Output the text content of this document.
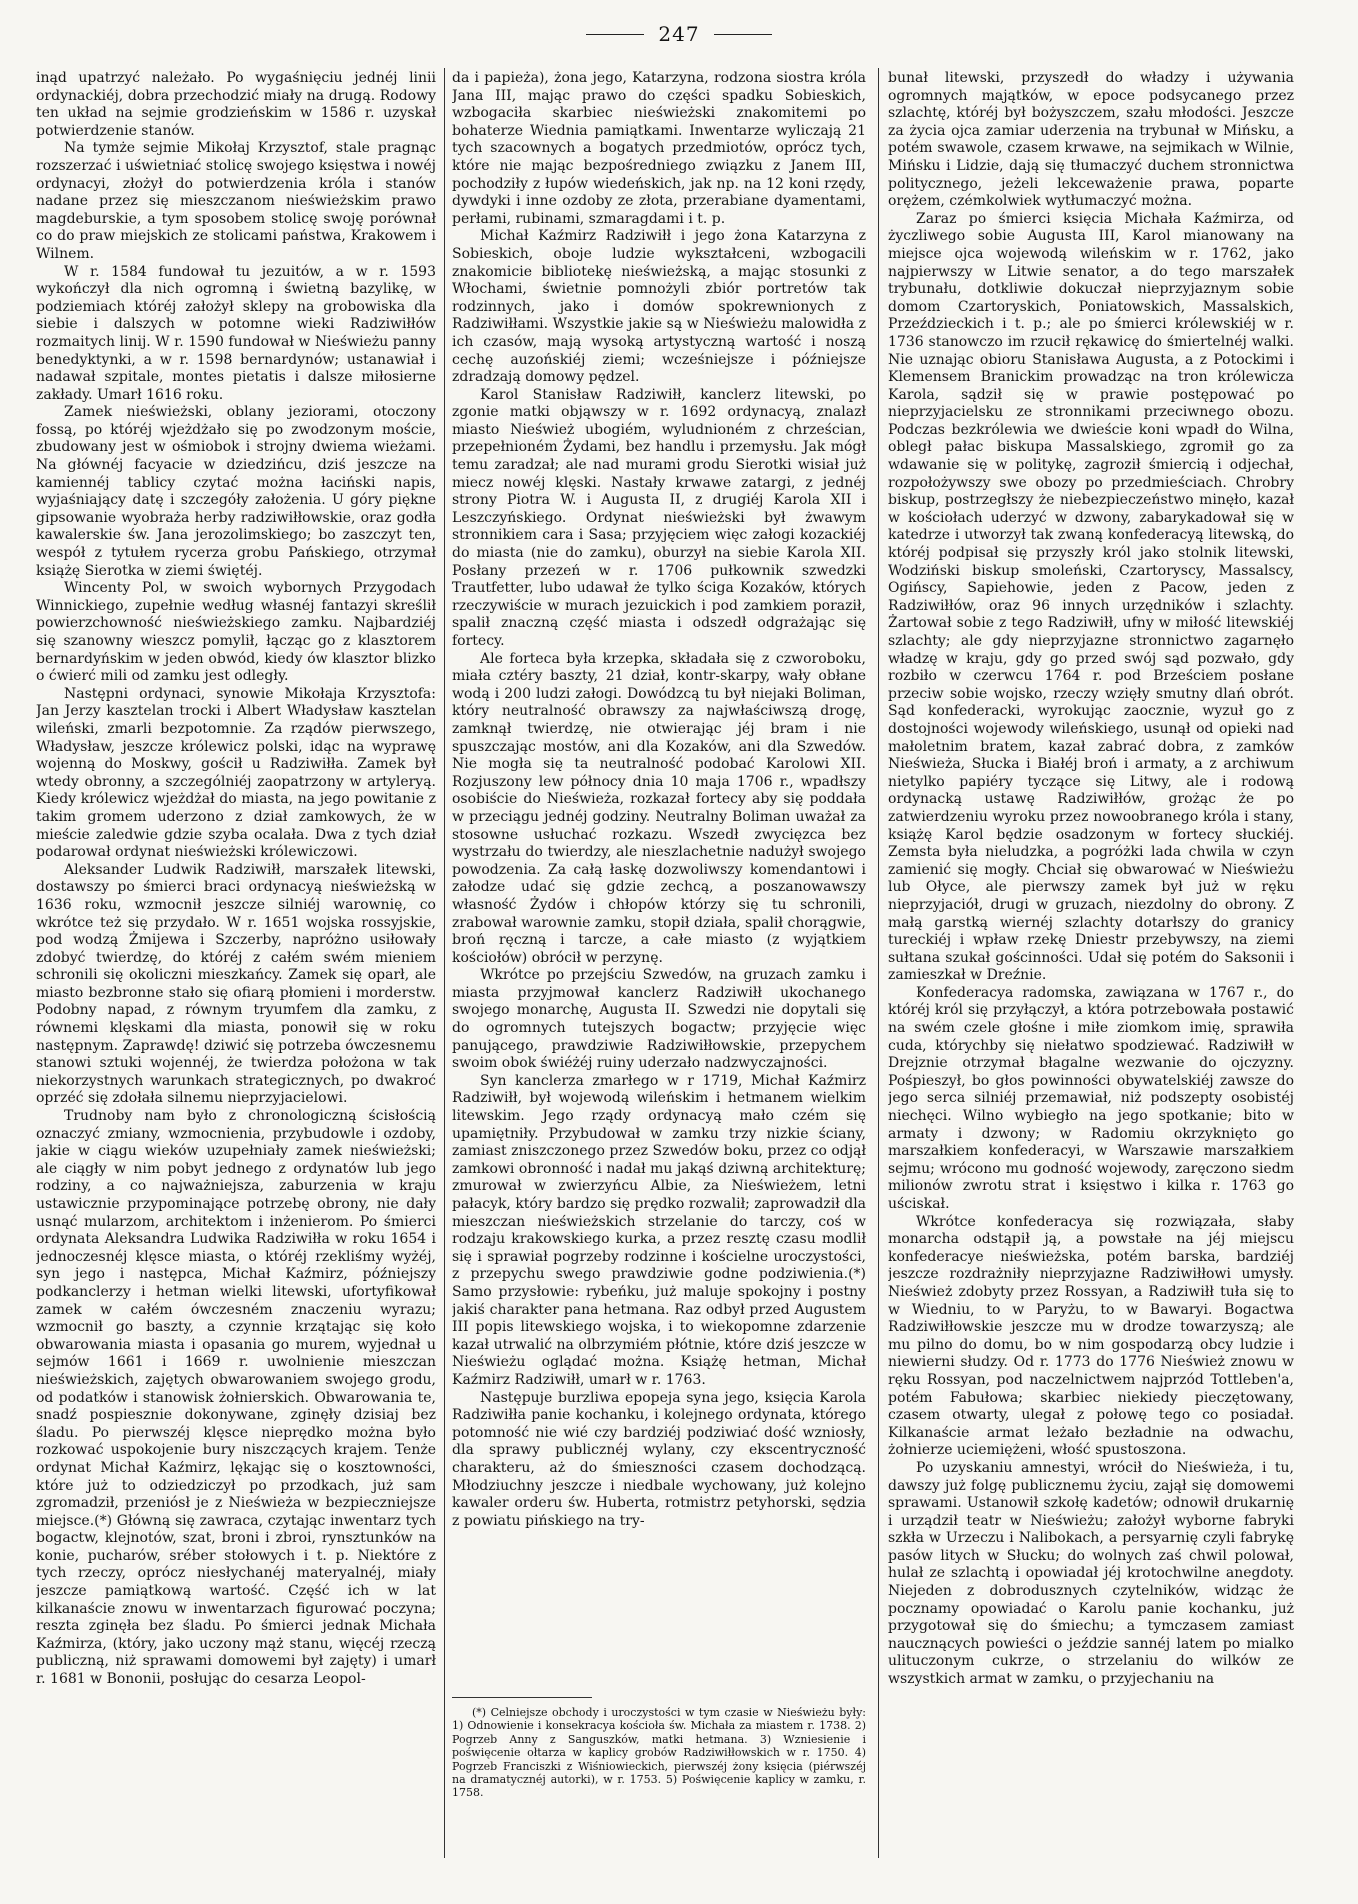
247

inąd upatrzyć należało. Po wygaśnięciu jednéj linii ordynackiéj, dobra przechodzić miały na drugą. Rodowy ten układ na sejmie grodzieńskim w 1586 r. uzyskał potwierdzenie stanów.

Na tymże sejmie Mikołaj Krzysztof, stale pragnąc rozszerzać i uświetniać stolicę swojego księstwa i nowéj ordynacyi, złożył do potwierdzenia króla i stanów nadane przez się mieszczanom nieświeżskim prawo magdeburskie, a tym sposobem stolicę swoję porównał co do praw miejskich ze stolicami państwa, Krakowem i Wilnem.

W r. 1584 fundował tu jezuitów, a w r. 1593 wykończył dla nich ogromną i świetną bazylikę, w podziemiach któréj założył sklepy na grobowiska dla siebie i dalszych w potomne wieki Radziwiłłów rozmaitych linij. W r. 1590 fundował w Nieświeżu panny benedyktynki, a w r. 1598 bernardynów; ustanawiał i nadawał szpitale, montes pietatis i dalsze miłosierne zakłady. Umarł 1616 roku.

Zamek nieświeżski, oblany jeziorami, otoczony fossą, po któréj wjeżdżało się po zwodzonym moście, zbudowany jest w ośmiobok i strojny dwiema wieżami. Na głównéj facyacie w dziedzińcu, dziś jeszcze na kamiennéj tablicy czytać można łaciński napis, wyjaśniający datę i szczegóły założenia. U góry piękne gipsowanie wyobraża herby radziwiłłowskie, oraz godła kawalerskie św. Jana jerozolimskiego; bo zaszczyt ten, wespół z tytułem rycerza grobu Pańskiego, otrzymał książę Sierotka w ziemi świętéj.

Wincenty Pol, w swoich wybornych Przygodach Winnickiego, zupełnie według własnéj fantazyi skreślił powierzchowność nieświeżskiego zamku. Najbardziéj się szanowny wieszcz pomylił, łącząc go z klasztorem bernardyńskim w jeden obwód, kiedy ów klasztor blizko o ćwierć mili od zamku jest odległy.

Następni ordynaci, synowie Mikołaja Krzysztofa: Jan Jerzy kasztelan trocki i Albert Władysław kasztelan wileński, zmarli bezpotomnie. Za rządów pierwszego, Władysław, jeszcze królewicz polski, idąc na wyprawę wojenną do Moskwy, gościł u Radziwiłła. Zamek był wtedy obronny, a szczególniéj zaopatrzony w artyleryą. Kiedy królewicz wjeżdżał do miasta, na jego powitanie z takim gromem uderzono z dział zamkowych, że w mieście zaledwie gdzie szyba ocalała. Dwa z tych dział podarował ordynat nieświeżski królewiczowi.

Aleksander Ludwik Radziwiłł, marszałek litewski, dostawszy po śmierci braci ordynacyą nieświeżską w 1636 roku, wzmocnił jeszcze silniéj warownię, co wkrótce też się przydało. W r. 1651 wojska rossyjskie, pod wodzą Żmijewa i Szczerby, napróżno usiłowały zdobyć twierdzę, do któréj z całém swém mieniem schronili się okoliczni mieszkańcy. Zamek się oparł, ale miasto bezbronne stało się ofiarą płomieni i morderstw. Podobny napad, z równym tryumfem dla zamku, z równemi klęskami dla miasta, ponowił się w roku następnym. Zaprawdę! dziwić się potrzeba ówczesnemu stanowi sztuki wojennéj, że twierdza położona w tak niekorzystnych warunkach strategicznych, po dwakroć oprzéć się zdołała silnemu nieprzyjacielowi.

Trudnoby nam było z chronologiczną ścisłością oznaczyć zmiany, wzmocnienia, przybudowle i ozdoby, jakie w ciągu wieków uzupełniały zamek nieświeżski; ale ciągły w nim pobyt jednego z ordynatów lub jego rodziny, a co najważniejsza, zaburzenia w kraju ustawicznie przypominające potrzebę obrony, nie dały usnąć mularzom, architektom i inżenierom. Po śmierci ordynata Aleksandra Ludwika Radziwiłła w roku 1654 i jednoczesnéj klęsce miasta, o któréj rzekliśmy wyżéj, syn jego i następca, Michał Kaźmirz, późniejszy podkanclerzy i hetman wielki litewski, ufortyfikował zamek w całém ówczesném znaczeniu wyrazu; wzmocnił go baszty, a czynnie krzątając się koło obwarowania miasta i opasania go murem, wyjednał u sejmów 1661 i 1669 r. uwolnienie mieszczan nieświeżskich, zajętych obwarowaniem swojego grodu, od podatków i stanowisk żołnierskich. Obwarowania te, snadź pospiesznie dokonywane, zginęły dzisiaj bez śladu. Po pierwszéj klęsce nieprędko można było rozkować uspokojenie bury niszczących krajem. Tenże ordynat Michał Kaźmirz, lękając się o kosztowności, które już to odziedziczył po przodkach, już sam zgromadził, przeniósł je z Nieświeża w bezpieczniejsze miejsce.(*) Główną się zawraca, czytając inwentarz tych bogactw, klejnotów, szat, broni i zbroi, rynsztunków na konie, pucharów, sréber stołowych i t. p. Niektóre z tych rzeczy, oprócz niesłychanéj materyalnéj, miały jeszcze pamiątkową wartość. Część ich w lat kilkanaście znowu w inwentarzach figurować poczyna; reszta zginęła bez śladu. Po śmierci jednak Michała Kaźmirza, (który, jako uczony mąż stanu, więcéj rzeczą publiczną, niż sprawami domowemi był zajęty) i umarł r. 1681 w Bononii, posłując do cesarza Leopol-

da i papieża), żona jego, Katarzyna, rodzona siostra króla Jana III, mając prawo do części spadku Sobieskich, wzbogaciła skarbiec nieświeżski znakomitemi po bohaterze Wiednia pamiątkami. Inwentarze wyliczają 21 tych szacownych a bogatych przedmiotów, oprócz tych, które nie mając bezpośredniego związku z Janem III, pochodziły z łupów wiedeńskich, jak np. na 12 koni rzędy, dywdyki i inne ozdoby ze złota, przerabiane dyamentami, perłami, rubinami, szmaragdami i t. p.

Michał Kaźmirz Radziwiłł i jego żona Katarzyna z Sobieskich, oboje ludzie wykształceni, wzbogacili znakomicie bibliotekę nieświeżską, a mając stosunki z Włochami, świetnie pomnożyli zbiór portretów tak rodzinnych, jako i domów spokrewnionych z Radziwiłłami. Wszystkie jakie są w Nieświeżu malowidła z ich czasów, mają wysoką artystyczną wartość i noszą cechę auzońskiéj ziemi; wcześniejsze i późniejsze zdradzają domowy pędzel.

Karol Stanisław Radziwiłł, kanclerz litewski, po zgonie matki objąwszy w r. 1692 ordynacyą, znalazł miasto Nieśwież ubogiém, wyludnioném z chrześcian, przepełnioném Żydami, bez handlu i przemysłu. Jak mógł temu zaradzał; ale nad murami grodu Sierotki wisiał już miecz nowéj klęski. Nastały krwawe zatargi, z jednéj strony Piotra W. i Augusta II, z drugiéj Karola XII i Leszczyńskiego. Ordynat nieświeżski był żwawym stronnikiem cara i Sasa; przyjęciem więc załogi kozackiéj do miasta (nie do zamku), oburzył na siebie Karola XII. Posłany przezeń w r. 1706 pułkownik szwedzki Trautfetter, lubo udawał że tylko ściga Kozaków, których rzeczywiście w murach jezuickich i pod zamkiem poraził, spalił znaczną część miasta i odszedł odgrażając się fortecy.

Ale forteca była krzepka, składała się z czworoboku, miała cztéry baszty, 21 dział, kontr-skarpy, wały obłane wodą i 200 ludzi załogi. Dowódzcą tu był niejaki Boliman, który neutralność obrawszy za najwłaściwszą drogę, zamknął twierdzę, nie otwierając jéj bram i nie spuszczając mostów, ani dla Kozaków, ani dla Szwedów. Nie mogła się ta neutralność podobać Karolowi XII. Rozjuszony lew północy dnia 10 maja 1706 r., wpadłszy osobiście do Nieświeża, rozkazał fortecy aby się poddała w przeciągu jednéj godziny. Neutralny Boliman uważał za stosowne usłuchać rozkazu. Wszedł zwycięzca bez wystrzału do twierdzy, ale nieszlachetnie nadużył swojego powodzenia. Za całą łaskę dozwoliwszy komendantowi i załodze udać się gdzie zechcą, a poszanowawszy własność Żydów i chłopów którzy się tu schronili, zrabował warownie zamku, stopił działa, spalił chorągwie, broń ręczną i tarcze, a całe miasto (z wyjątkiem kościołów) obrócił w perzynę.

Wkrótce po przejściu Szwedów, na gruzach zamku i miasta przyjmował kanclerz Radziwiłł ukochanego swojego monarchę, Augusta II. Szwedzi nie dopytali się do ogromnych tutejszych bogactw; przyjęcie więc panującego, prawdziwie Radziwiłłowskie, przepychem swoim obok świéżéj ruiny uderzało nadzwyczajności.

Syn kanclerza zmarłego w r 1719, Michał Kaźmirz Radziwiłł, był wojewodą wileńskim i hetmanem wielkim litewskim. Jego rządy ordynacyą mało czém się upamiętniły. Przybudował w zamku trzy nizkie ściany, zamiast zniszczonego przez Szwedów boku, przez co odjął zamkowi obronność i nadał mu jakąś dziwną architekturę; zmurował w zwierzyńcu Albie, za Nieświeżem, letni pałacyk, który bardzo się prędko rozwalił; zaprowadził dla mieszczan nieświeżskich strzelanie do tarczy, coś w rodzaju krakowskiego kurka, a przez resztę czasu modlił się i sprawiał pogrzeby rodzinne i kościelne uroczystości, z przepychu swego prawdziwie godne podziwienia.(*) Samo przysłowie: rybeńku, już maluje spokojny i postny jakiś charakter pana hetmana. Raz odbył przed Augustem III popis litewskiego wojska, i to wiekopomne zdarzenie kazał utrwalić na olbrzymiém płótnie, które dziś jeszcze w Nieświeżu oglądać można. Książę hetman, Michał Kaźmirz Radziwiłł, umarł w r. 1763.

Następuje burzliwa epopeja syna jego, księcia Karola Radziwiłła panie kochanku, i kolejnego ordynata, którego potomność nie wié czy bardziéj podziwiać dość wzniosły, dla sprawy publicznéj wylany, czy ekscentryczność charakteru, aż do śmieszności czasem dochodzącą. Młodziuchny jeszcze i niedbale wychowany, już kolejno kawaler orderu św. Huberta, rotmistrz petyhorski, sędzia z powiatu pińskiego na try-

(*) Celniejsze obchody i uroczystości w tym czasie w Nieświeżu były: 1) Odnowienie i konsekracya kościoła św. Michała za miastem r. 1738. 2) Pogrzeb Anny z Sanguszków, matki hetmana. 3) Wzniesienie i poświęcenie ołtarza w kaplicy grobów Radziwiłłowskich w r. 1750. 4) Pogrzeb Franciszki z Wiśniowieckich, pierwszéj żony księcia (piérwszéj na dramatycznéj autorki), w r. 1753. 5) Poświęcenie kaplicy w zamku, r. 1758.

bunał litewski, przyszedł do władzy i używania ogromnych majątków, w epoce podsycanego przez szlachtę, któréj był bożyszczem, szału młodości. Jeszcze za życia ojca zamiar uderzenia na trybunał w Mińsku, a potém swawole, czasem krwawe, na sejmikach w Wilnie, Mińsku i Lidzie, dają się tłumaczyć duchem stronnictwa politycznego, jeżeli lekceważenie prawa, poparte orężem, czémkolwiek wytłumaczyć można.

Zaraz po śmierci księcia Michała Kaźmirza, od życzliwego sobie Augusta III, Karol mianowany na miejsce ojca wojewodą wileńskim w r. 1762, jako najpierwszy w Litwie senator, a do tego marszałek trybunału, dotkliwie dokuczał nieprzyjaznym sobie domom Czartoryskich, Poniatowskich, Massalskich, Przeździeckich i t. p.; ale po śmierci królewskiéj w r. 1736 stanowczo im rzucił rękawicę do śmiertelnéj walki. Nie uznając obioru Stanisława Augusta, a z Potockimi i Klemensem Branickim prowadząc na tron królewicza Karola, sądził się w prawie postępować po nieprzyjacielsku ze stronnikami przeciwnego obozu. Podczas bezkrólewia we dwieście koni wpadł do Wilna, obległ pałac biskupa Massalskiego, zgromił go za wdawanie się w politykę, zagroził śmiercią i odjechał, rozpołożywszy swe obozy po przedmieściach. Chrobry biskup, postrzegłszy że niebezpieczeństwo minęło, kazał w kościołach uderzyć w dzwony, zabarykadował się w katedrze i utworzył tak zwaną konfederacyą litewską, do któréj podpisał się przyszły król jako stolnik litewski, Wodziński biskup smoleński, Czartoryscy, Massalscy, Ogińscy, Sapiehowie, jeden z Pacow, jeden z Radziwiłłów, oraz 96 innych urzędników i szlachty. Żartował sobie z tego Radziwiłł, ufny w miłość litewskiéj szlachty; ale gdy nieprzyjazne stronnictwo zagarnęło władzę w kraju, gdy go przed swój sąd pozwało, gdy rozbiło w czerwcu 1764 r. pod Brześciem posłane przeciw sobie wojsko, rzeczy wzięły smutny dlań obrót. Sąd konfederacki, wyrokując zaocznie, wyzuł go z dostojności wojewody wileńskiego, usunął od opieki nad małoletnim bratem, kazał zabrać dobra, z zamków Nieświeża, Słucka i Białéj broń i armaty, a z archiwum nietylko papiéry tyczące się Litwy, ale i rodową ordynacką ustawę Radziwiłłów, grożąc że po zatwierdzeniu wyroku przez nowoobranego króla i stany, książę Karol będzie osadzonym w fortecy słuckiéj. Zemsta była nieludzka, a pogróżki lada chwila w czyn zamienić się mogły. Chciał się obwarować w Nieświeżu lub Ołyce, ale pierwszy zamek był już w ręku nieprzyjaciół, drugi w gruzach, niezdolny do obrony. Z małą garstką wiernéj szlachty dotarłszy do granicy tureckiéj i wpław rzekę Dniestr przebywszy, na ziemi sułtana szukał gościnności. Udał się potém do Saksonii i zamieszkał w Dreźnie.

Konfederacya radomska, zawiązana w 1767 r., do któréj król się przyłączył, a która potrzebowała postawić na swém czele głośne i miłe ziomkom imię, sprawiła cuda, którychby się niełatwo spodziewać. Radziwiłł w Drejznie otrzymał błagalne wezwanie do ojczyzny. Pośpieszył, bo głos powinności obywatelskiéj zawsze do jego serca silniéj przemawiał, niż podszepty osobistéj niechęci. Wilno wybiegło na jego spotkanie; bito w armaty i dzwony; w Radomiu okrzyknięto go marszałkiem konfederacyi, w Warszawie marszałkiem sejmu; wrócono mu godność wojewody, zaręczono siedm milionów zwrotu strat i księstwo i kilka r. 1763 go uściskał.

Wkrótce konfederacya się rozwiązała, słaby monarcha odstąpił ją, a powstałe na jéj miejscu konfederacye nieświeżska, potém barska, bardziéj jeszcze rozdrażniły nieprzyjazne Radziwiłłowi umysły. Nieśwież zdobyty przez Rossyan, a Radziwiłł tuła się to w Wiedniu, to w Paryżu, to w Bawaryi. Bogactwa Radziwiłłowskie jeszcze mu w drodze towarzyszą; ale mu pilno do domu, bo w nim gospodarzą obcy ludzie i niewierni słudzy. Od r. 1773 do 1776 Nieśwież znowu w ręku Rossyan, pod naczelnictwem najprzód Tottleben'a, potém Fabułowa; skarbiec niekiedy pieczętowany, czasem otwarty, ulegał z połowę tego co posiadał. Kilkanaście armat leżało bezładnie na odwachu, żołnierze uciemiężeni, włość spustoszona.

Po uzyskaniu amnestyi, wrócił do Nieświeża, i tu, dawszy już folgę publicznemu życiu, zajął się domowemi sprawami. Ustanowił szkołę kadetów; odnowił drukarnię i urządził teatr w Nieświeżu; założył wyborne fabryki szkła w Urzeczu i Nalibokach, a persyarnię czyli fabrykę pasów litych w Słucku; do wolnych zaś chwil polował, hulał ze szlachtą i opowiadał jéj krotochwilne anegdoty. Niejeden z dobrodusznych czytelników, widząc że pocznamy opowiadać o Karolu panie kochanku, już przygotował się do śmiechu; a tymczasem zamiast naucznących powieści o jeździe sannéj latem po mialko ulituczonym cukrze, o strzelaniu do wilków ze wszystkich armat w zamku, o przyjechaniu na
